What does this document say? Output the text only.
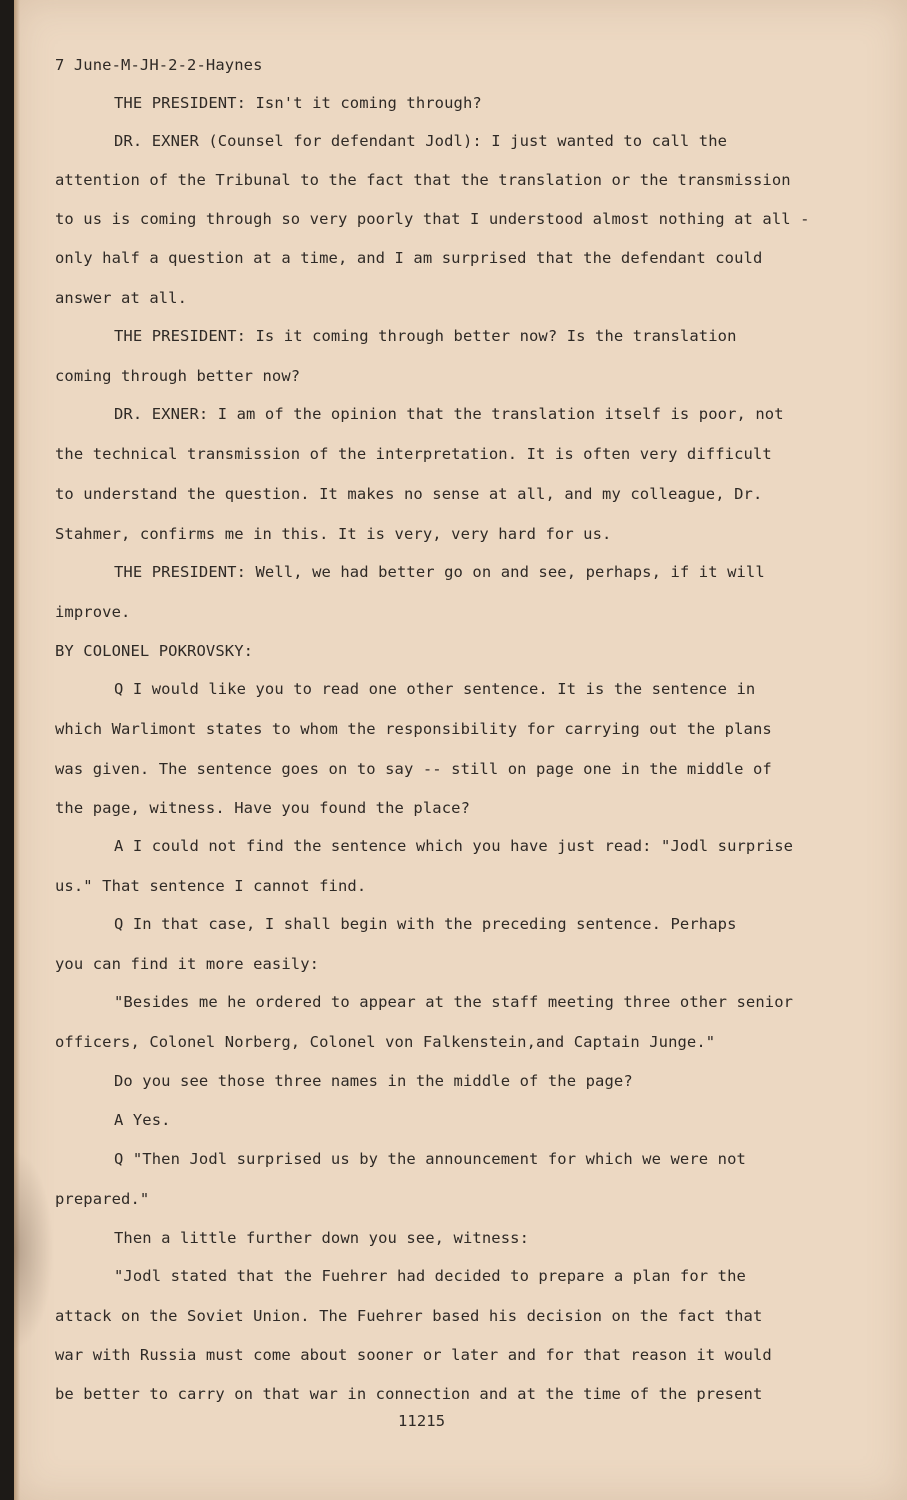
7 June-M-JH-2-2-Haynes
THE PRESIDENT: Isn't it coming through?
DR. EXNER (Counsel for defendant Jodl): I just wanted to call the
attention of the Tribunal to the fact that the translation or the transmission
to us is coming through so very poorly that I understood almost nothing at all -
only half a question at a time, and I am surprised that the defendant could
answer at all.
THE PRESIDENT: Is it coming through better now? Is the translation
coming through better now?
DR. EXNER: I am of the opinion that the translation itself is poor, not
the technical transmission of the interpretation. It is often very difficult
to understand the question. It makes no sense at all, and my colleague, Dr.
Stahmer, confirms me in this. It is very, very hard for us.
THE PRESIDENT: Well, we had better go on and see, perhaps, if it will
improve.
BY COLONEL POKROVSKY:
Q I would like you to read one other sentence. It is the sentence in
which Warlimont states to whom the responsibility for carrying out the plans
was given. The sentence goes on to say -- still on page one in the middle of
the page, witness. Have you found the place?
A I could not find the sentence which you have just read: "Jodl surprise
us." That sentence I cannot find.
Q In that case, I shall begin with the preceding sentence. Perhaps
you can find it more easily:
"Besides me he ordered to appear at the staff meeting three other senior
officers, Colonel Norberg, Colonel von Falkenstein,and Captain Junge."
Do you see those three names in the middle of the page?
A Yes.
Q "Then Jodl surprised us by the announcement for which we were not
prepared."
Then a little further down you see, witness:
"Jodl stated that the Fuehrer had decided to prepare a plan for the
attack on the Soviet Union. The Fuehrer based his decision on the fact that
war with Russia must come about sooner or later and for that reason it would
be better to carry on that war in connection and at the time of the present
11215
